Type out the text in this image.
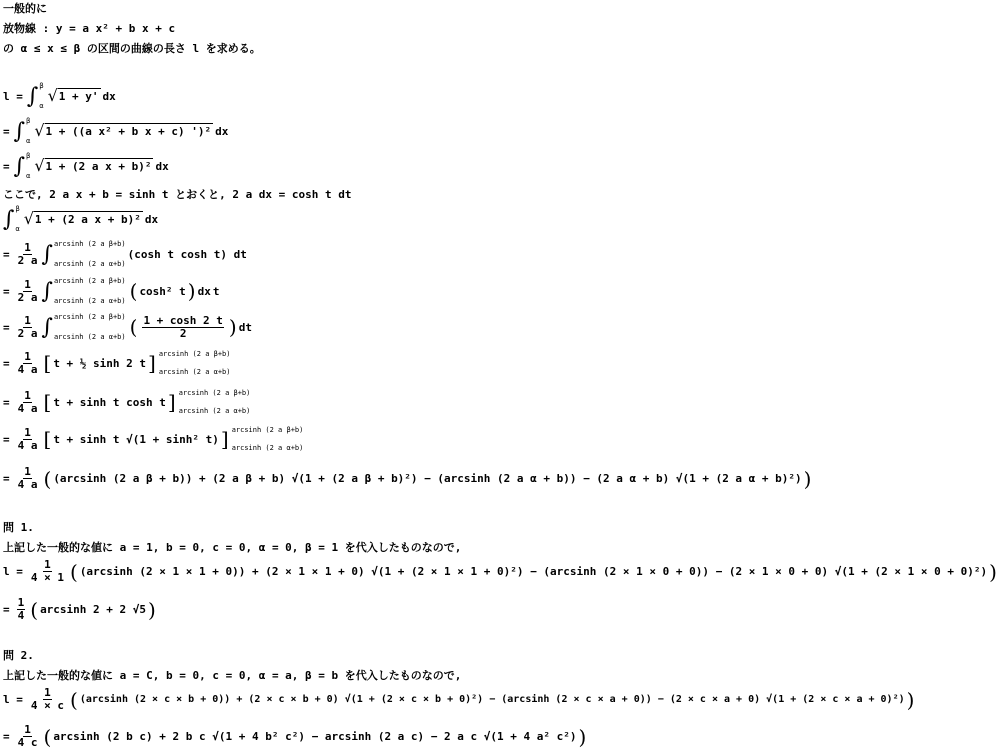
一般的に
放物線 : y = a x² + b x + c
の α ≤ x ≤ β の区間の曲線の長さ l を求める。
l = ∫ β
α
√ 1 + y' dx
= ∫ β
α
√ 1 + ((a x² + b x + c) ')² dx
= ∫ β
α
√ 1 + (2 a x + b)² dx
ここで, 2 a x + b = sinh t とおくと, 2 a dx = cosh t dt
∫ β
α
√ 1 + (2 a x + b)² dx
= $\frac{1}{2 a}$ ∫ arcsinh (2 a β+b)
arcsinh (2 a α+b)
(cosh t cosh t) dt
= $\frac{1}{2 a}$ ∫ arcsinh (2 a β+b)
arcsinh (2 a α+b) ( cosh² t ) dx t
= $\frac{1}{2 a}$ ∫ arcsinh (2 a β+b)
arcsinh (2 a α+b) ( $\frac{1 + \cosh 2 t}{2}$ ) dt
= $\frac{1}{4 a}$ [ t + ½ sinh 2 t ] arcsinh (2 a β+b)
arcsinh (2 a α+b)
= $\frac{1}{4 a}$ [ t + sinh t cosh t ] arcsinh (2 a β+b)
arcsinh (2 a α+b)
= $\frac{1}{4 a}$ [ t + sinh t √(1 + sinh² t) ] arcsinh (2 a β+b)
arcsinh (2 a α+b)
= $\frac{1}{4 a}$ ( (arcsinh (2 a β + b)) + (2 a β + b) √(1 + (2 a β + b)²) − (arcsinh (2 a α + b)) − (2 a α + b) √(1 + (2 a α + b)²) )
問 1.
上記した一般的な値に a = 1, b = 0, c = 0, α = 0, β = 1 を代入したものなので,
$l = \frac{1}{4 \times 1}$ ( (arcsinh (2 × 1 × 1 + 0)) + (2 × 1 × 1 + 0) √(1 + (2 × 1 × 1 + 0)²) − (arcsinh (2 × 1 × 0 + 0)) − (2 × 1 × 0 + 0) √(1 + (2 × 1 × 0 + 0)²) )
= $\frac{1}{4}$ ( arcsinh 2 + 2 √5 )
問 2.
上記した一般的な値に a = C, b = 0, c = 0, α = a, β = b を代入したものなので,
$l = \frac{1}{4 \times c}$ ( (arcsinh (2 × c × b + 0)) + (2 × c × b + 0) √(1 + (2 × c × b + 0)²) − (arcsinh (2 × c × a + 0)) − (2 × c × a + 0) √(1 + (2 × c × a + 0)²) )
= $\frac{1}{4 c}$ ( arcsinh (2 b c) + 2 b c √(1 + 4 b² c²) − arcsinh (2 a c) − 2 a c √(1 + 4 a² c²) )
